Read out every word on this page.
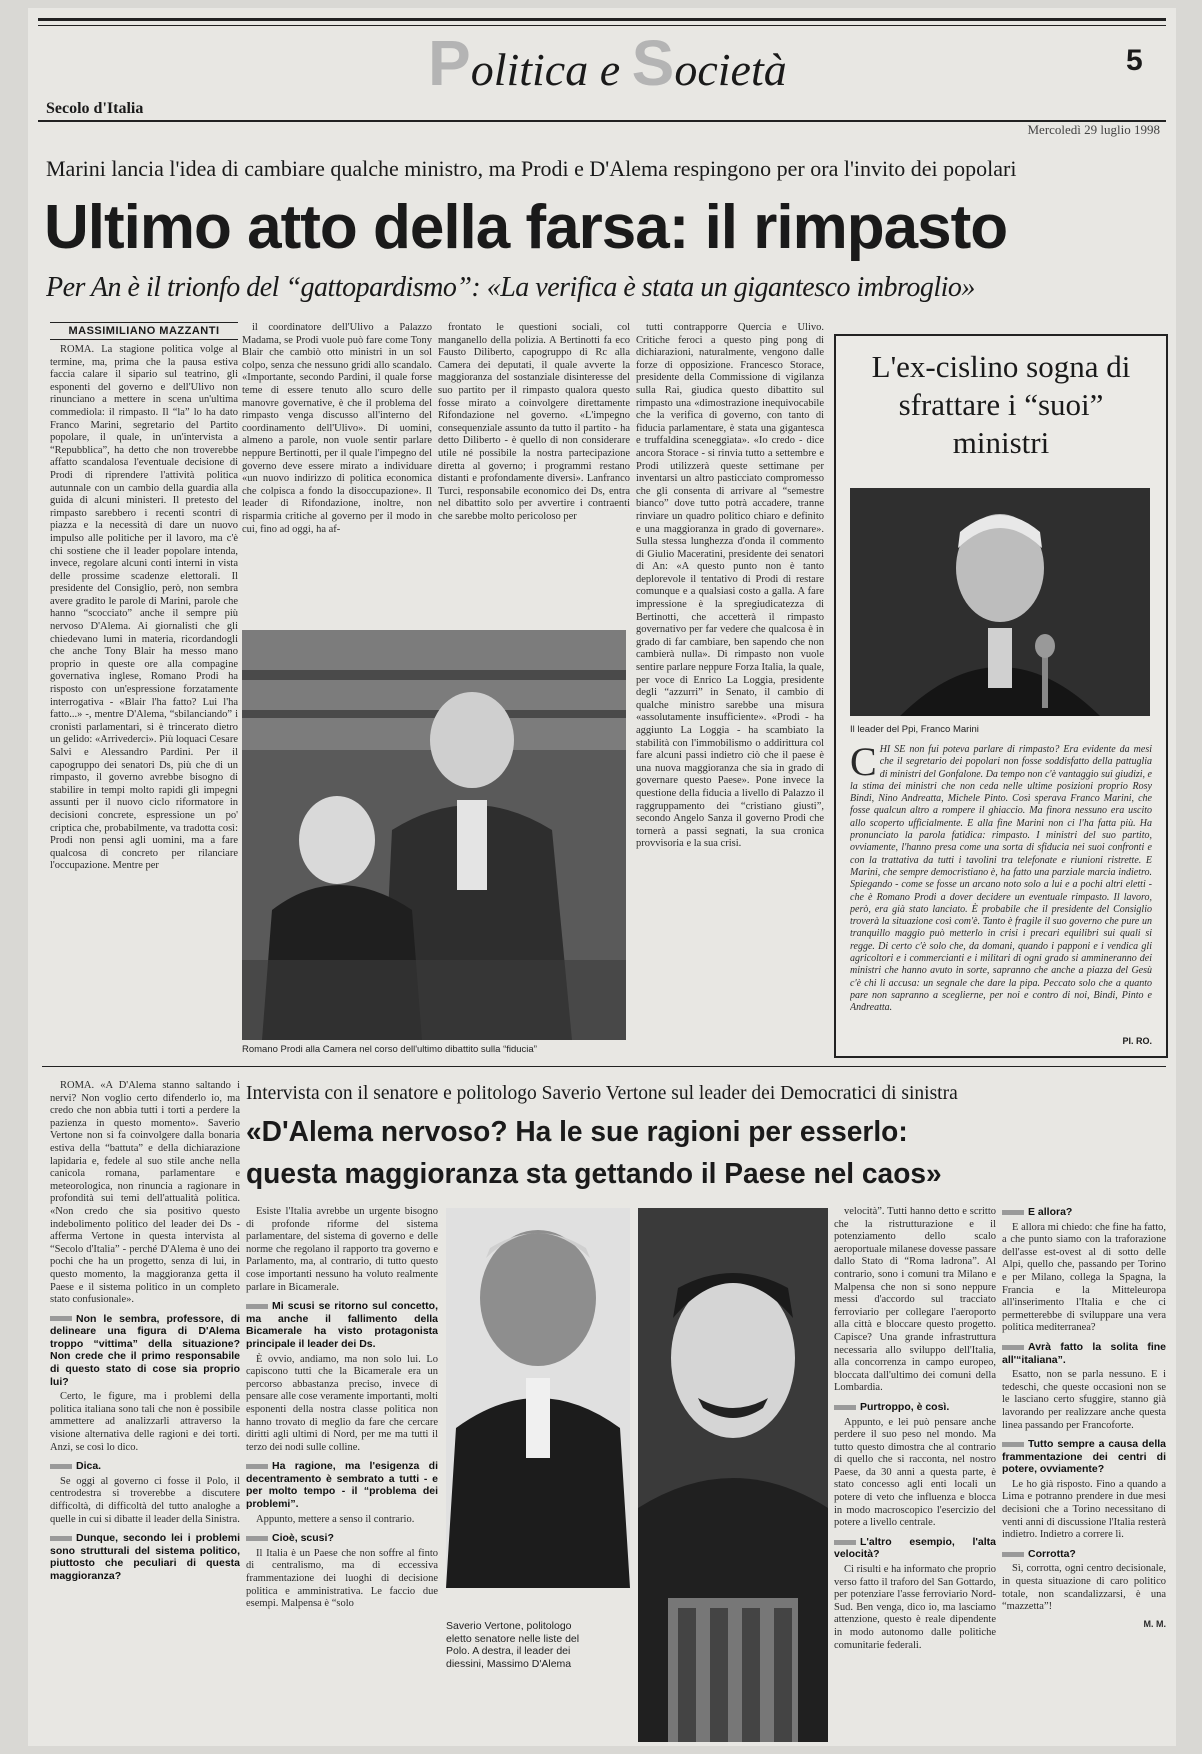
Politica e Società	5
Secolo d'Italia
Mercoledì 29 luglio 1998
Marini lancia l'idea di cambiare qualche ministro, ma Prodi e D'Alema respingono per ora l'invito dei popolari
Ultimo atto della farsa: il rimpasto
Per An è il trionfo del “gattopardismo”: «La verifica è stata un gigantesco imbroglio»
MASSIMILIANO MAZZANTI

ROMA. La stagione politica volge al termine, ma, prima che la pausa estiva faccia calare il sipario sul teatrino, gli esponenti del governo e dell'Ulivo non rinunciano a mettere in scena un'ultima commediola: il rimpasto. Il “la” lo ha dato Franco Marini, segretario del Partito popolare, il quale, in un'intervista a “Repubblica”, ha detto che non troverebbe affatto scandalosa l'eventuale decisione di Prodi di riprendere l'attività politica autunnale con un cambio della guardia alla guida di alcuni ministeri. Il pretesto del rimpasto sarebbero i recenti scontri di piazza e la necessità di dare un nuovo impulso alle politiche per il lavoro, ma c'è chi sostiene che il leader popolare intenda, invece, regolare alcuni conti interni in vista delle prossime scadenze elettorali. Il presidente del Consiglio, però, non sembra avere gradito le parole di Marini, parole che hanno “scocciato” anche il sempre più nervoso D'Alema. Ai giornalisti che gli chiedevano lumi in materia, ricordandogli che anche Tony Blair ha messo mano proprio in queste ore alla compagine governativa inglese, Romano Prodi ha risposto con un'espressione forzatamente interrogativa - «Blair l'ha fatto? Lui l'ha fatto...» -, mentre D'Alema, “sbilanciando” i cronisti parlamentari, si è trincerato dietro un gelido: «Arrivederci». Più loquaci Cesare Salvi e Alessandro Pardini. Per il capogruppo dei senatori Ds, più che di un rimpasto, il governo avrebbe bisogno di stabilire in tempi molto rapidi gli impegni assunti per il nuovo ciclo riformatore in decisioni concrete, espressione un po' criptica che, probabilmente, va tradotta così: Prodi non pensi agli uomini, ma a fare qualcosa di concreto per rilanciare l'occupazione. Mentre per

il coordinatore dell'Ulivo a Palazzo Madama, se Prodi vuole può fare come Tony Blair che cambiò otto ministri in un sol colpo, senza che nessuno gridi allo scandalo. «Importante, secondo Pardini, il quale forse teme di essere tenuto allo scuro delle manovre governative, è che il problema del rimpasto venga discusso all'interno del coordinamento dell'Ulivo». Di uomini, almeno a parole, non vuole sentir parlare neppure Bertinotti, per il quale l'impegno del governo deve essere mirato a individuare «un nuovo indirizzo di politica economica che colpisca a fondo la disoccupazione». Il leader di Rifondazione, inoltre, non risparmia critiche al governo per il modo in cui, fino ad oggi, ha af-

frontato le questioni sociali, col manganello della polizia. A Bertinotti fa eco Fausto Diliberto, capogruppo di Rc alla Camera dei deputati, il quale avverte la maggioranza del sostanziale disinteresse del suo partito per il rimpasto qualora questo fosse mirato a coinvolgere direttamente Rifondazione nel governo. «L'impegno consequenziale assunto da tutto il partito - ha detto Diliberto - è quello di non considerare utile né possibile la nostra partecipazione diretta al governo; i programmi restano distanti e profondamente diversi». Lanfranco Turci, responsabile economico dei Ds, entra nel dibattito solo per avvertire i contraenti che sarebbe molto pericoloso per

tutti contrapporre Quercia e Ulivo. Critiche feroci a questo ping pong di dichiarazioni, naturalmente, vengono dalle forze di opposizione. Francesco Storace, presidente della Commissione di vigilanza sulla Rai, giudica questo dibattito sul rimpasto una «dimostrazione inequivocabile che la verifica di governo, con tanto di fiducia parlamentare, è stata una gigantesca e truffaldina sceneggiata». «Io credo - dice ancora Storace - si rinvia tutto a settembre e Prodi utilizzerà queste settimane per inventarsi un altro pasticciato compromesso che gli consenta di arrivare al “semestre bianco” dove tutto potrà accadere, tranne rinviare un quadro politico chiaro e definito e una maggioranza in grado di governare». Sulla stessa lunghezza d'onda il commento di Giulio Maceratini, presidente dei senatori di An: «A questo punto non è tanto deplorevole il tentativo di Prodi di restare comunque e a qualsiasi costo a galla. A fare impressione è la spregiudicatezza di Bertinotti, che accetterà il rimpasto governativo per far vedere che qualcosa è in grado di far cambiare, ben sapendo che non cambierà nulla». Di rimpasto non vuole sentire parlare neppure Forza Italia, la quale, per voce di Enrico La Loggia, presidente degli “azzurri” in Senato, il cambio di qualche ministro sarebbe una misura «assolutamente insufficiente». «Prodi - ha aggiunto La Loggia - ha scambiato la stabilità con l'immobilismo o addirittura col fare alcuni passi indietro ciò che il paese è una nuova maggioranza che sia in grado di governare questo Paese». Pone invece la questione della fiducia a livello di Palazzo il raggruppamento dei “cristiano giusti”, secondo Angelo Sanza il governo Prodi che tornerà a passi segnati, la sua cronica provvisoria e la sua crisi.

Romano Prodi alla Camera nel corso dell'ultimo dibattito sulla “fiducia”
L'ex-cislino sogna di sfrattare i “suoi” ministri
Il leader del Ppi, Franco Marini
C HI SE non fui poteva parlare di rimpasto? Era evidente da mesi che il segretario dei popolari non fosse soddisfatto della pattuglia di ministri del Gonfalone. Da tempo non c'è vantaggio sui giudizi, e la stima dei ministri che non ceda nelle ultime posizioni proprio Rosy Bindi, Nino Andreatta, Michele Pinto. Così sperava Franco Marini, che fosse qualcun altro a rompere il ghiaccio. Ma finora nessuno era uscito allo scoperto ufficialmente. E alla fine Marini non ci l'ha fatta più. Ha pronunciato la parola fatidica: rimpasto. I ministri del suo partito, ovviamente, l'hanno presa come una sorta di sfiducia nei suoi confronti e con la trattativa da tutti i tavolini tra telefonate e riunioni ristrette. E Marini, che sempre democristiano è, ha fatto una parziale marcia indietro. Spiegando - come se fosse un arcano noto solo a lui e a pochi altri eletti - che è Romano Prodi a dover decidere un eventuale rimpasto. Il lavoro, però, era già stato lanciato. È probabile che il presidente del Consiglio troverà la situazione così com'è. Tanto è fragile il suo governo che pure un tranquillo maggio può metterlo in crisi i precari equilibri sui quali si regge. Di certo c'è solo che, da domani, quando i papponi e i vendica gli agricoltori e i commercianti e i militari di ogni grado si ammineranno dei ministri che hanno avuto in sorte, sapranno che anche a piazza del Gesù c'è chi li accusa: un segnale che dare la pipa. Peccato solo che a quanto pare non sapranno a sceglierne, per noi e contro di noi, Bindi, Pinto e Andreatta.
PI. RO.
Intervista con il senatore e politologo Saverio Vertone sul leader dei Democratici di sinistra
«D'Alema nervoso? Ha le sue ragioni per esserlo:
questa maggioranza sta gettando il Paese nel caos»

ROMA. «A D'Alema stanno saltando i nervi? Non voglio certo difenderlo io, ma credo che non abbia tutti i torti a perdere la pazienza in questo momento». Saverio Vertone non si fa coinvolgere dalla bonaria estiva della “battuta” e della dichiarazione lapidaria e, fedele al suo stile anche nella canicola romana, parlamentare e meteorologica, non rinuncia a ragionare in profondità sui temi dell'attualità politica. «Non credo che sia positivo questo indebolimento politico del leader dei Ds - afferma Vertone in questa intervista al “Secolo d'Italia” - perché D'Alema è uno dei pochi che ha un progetto, senza di lui, in questo momento, la maggioranza getta il Paese e il sistema politico in un completo stato confusionale».

Non le sembra, professore, di delineare una figura di D'Alema troppo “vittima” della situazione? Non crede che il primo responsabile di questo stato di cose sia proprio lui?

Certo, le figure, ma i problemi della politica italiana sono tali che non è possibile ammettere ad analizzarli attraverso la visione alternativa delle ragioni e dei torti. Anzi, se così lo dico.

Dica.

Se oggi al governo ci fosse il Polo, il centrodestra si troverebbe a discutere difficoltà, di difficoltà del tutto analoghe a quelle in cui si dibatte il leader della Sinistra.

Dunque, secondo lei i problemi sono strutturali del sistema politico, piuttosto che peculiari di questa maggioranza?

Esiste l'Italia avrebbe un urgente bisogno di profonde riforme del sistema parlamentare, del sistema di governo e delle norme che regolano il rapporto tra governo e Parlamento, ma, al contrario, di tutto questo cose importanti nessuno ha voluto realmente parlare in Bicamerale.

Mi scusi se ritorno sul concetto, ma anche il fallimento della Bicamerale ha visto protagonista principale il leader dei Ds.

È ovvio, andiamo, ma non solo lui. Lo capiscono tutti che la Bicamerale era un percorso abbastanza preciso, invece di pensare alle cose veramente importanti, molti esponenti della nostra classe politica non hanno trovato di meglio da fare che cercare diritti agli ultimi di Nord, per me ma tutti il terzo dei nodi sulle colline.

Ha ragione, ma l'esigenza di decentramento è sembrato a tutti - e per molto tempo - il “problema dei problemi”.

Appunto, mettere a senso il contrario.

Cioè, scusi?

Il Italia è un Paese che non soffre al finto di centralismo, ma di eccessiva frammentazione dei luoghi di decisione politica e amministrativa. Le faccio due esempi. Malpensa è “solo

Saverio Vertone, politologo eletto senatore nelle liste del Polo. A destra, il leader dei diessini, Massimo D'Alema

velocità”. Tutti hanno detto e scritto che la ristrutturazione e il potenziamento dello scalo aeroportuale milanese dovesse passare dallo Stato di “Roma ladrona”. Al contrario, sono i comuni tra Milano e Malpensa che non si sono neppure messi d'accordo sul tracciato ferroviario per collegare l'aeroporto alla città e bloccare questo progetto. Capisce? Una grande infrastruttura necessaria allo sviluppo dell'Italia, alla concorrenza in campo europeo, bloccata dall'ultimo dei comuni della Lombardia.

Purtroppo, è così.

Appunto, e lei può pensare anche perdere il suo peso nel mondo. Ma tutto questo dimostra che al contrario di quello che si racconta, nel nostro Paese, da 30 anni a questa parte, è stato concesso agli enti locali un potere di veto che influenza e blocca in modo macroscopico l'esercizio del potere a livello centrale.

L'altro esempio, l'alta velocità?

Ci risulti e ha informato che proprio verso fatto il traforo del San Gottardo, per potenziare l'asse ferroviario Nord-Sud. Ben venga, dico io, ma lasciamo attenzione, questo è reale dipendente in modo autonomo dalle politiche comunitarie federali.

E allora?

E allora mi chiedo: che fine ha fatto, a che punto siamo con la traforazione dell'asse est-ovest al di sotto delle Alpi, quello che, passando per Torino e per Milano, collega la Spagna, la Francia e la Mitteleuropa all'inserimento l'Italia e che ci permetterebbe di sviluppare una vera politica mediterranea?

Avrà fatto la solita fine all'“italiana”.

Esatto, non se parla nessuno. E i tedeschi, che queste occasioni non se le lasciano certo sfuggire, stanno già lavorando per realizzare anche questa linea passando per Francoforte.

Tutto sempre a causa della frammentazione dei centri di potere, ovviamente?

Le ho già risposto. Fino a quando a Lima e potranno prendere in due mesi decisioni che a Torino necessitano di venti anni di discussione l'Italia resterà indietro. Indietro a correre lì.

Corrotta?

Sì, corrotta, ogni centro decisionale, in questa situazione di caro politico totale, non scandalizzarsi, è una “mazzetta”!

M. M.
